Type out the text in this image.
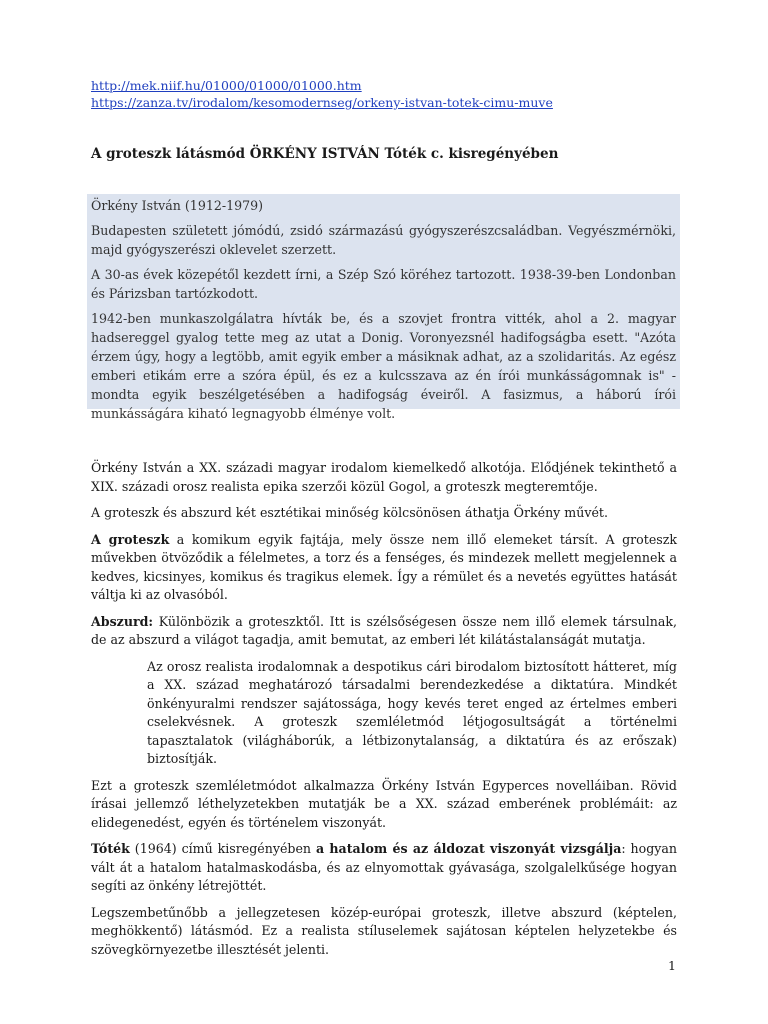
http://mek.niif.hu/01000/01000/01000.htm
https://zanza.tv/irodalom/kesomodernseg/orkeny-istvan-totek-cimu-muve
A groteszk látásmód ÖRKÉNY ISTVÁN Tóték c. kisregényében

Örkény István (1912-1979)

Budapesten született jómódú, zsidó származású gyógyszerészcsaládban. Vegyészmérnöki, majd gyógyszerészi oklevelet szerzett.

A 30-as évek közepétől kezdett írni, a Szép Szó köréhez tartozott. 1938-39-ben Londonban és Párizsban tartózkodott.

1942-ben munkaszolgálatra hívták be, és a szovjet frontra vitték, ahol a 2. magyar hadsereggel gyalog tette meg az utat a Donig. Voronyezsnél hadifogságba esett. "Azóta érzem úgy, hogy a legtöbb, amit egyik ember a másiknak adhat, az a szolidaritás. Az egész emberi etikám erre a szóra épül, és ez a kulcsszava az én írói munkásságomnak is" - mondta egyik beszélgetésében a hadifogság éveiről. A fasizmus, a háború írói munkásságára kiható legnagyobb élménye volt.

Örkény István a XX. századi magyar irodalom kiemelkedő alkotója. Elődjének tekinthető a XIX. századi orosz realista epika szerzői közül Gogol, a groteszk megteremtője.

A groteszk és abszurd két esztétikai minőség kölcsönösen áthatja Örkény művét.

A groteszk a komikum egyik fajtája, mely össze nem illő elemeket társít. A groteszk művekben ötvöződik a félelmetes, a torz és a fenséges, és mindezek mellett megjelennek a kedves, kicsinyes, komikus és tragikus elemek. Így a rémület és a nevetés együttes hatását váltja ki az olvasóból.

Abszurd: Különbözik a groteszktől. Itt is szélsőségesen össze nem illő elemek társulnak, de az abszurd a világot tagadja, amit bemutat, az emberi lét kilátástalanságát mutatja.

Az orosz realista irodalomnak a despotikus cári birodalom biztosított hátteret, míg a XX. század meghatározó társadalmi berendezkedése a diktatúra. Mindkét önkényuralmi rendszer sajátossága, hogy kevés teret enged az értelmes emberi cselekvésnek. A groteszk szemléletmód létjogosultságát a történelmi tapasztalatok (világháborúk, a létbizonytalanság, a diktatúra és az erőszak) biztosítják.

Ezt a groteszk szemléletmódot alkalmazza Örkény István Egyperces novelláiban. Rövid írásai jellemző léthelyzetekben mutatják be a XX. század emberének problémáit: az elidegenedést, egyén és történelem viszonyát.

Tóték (1964) című kisregényében a hatalom és az áldozat viszonyát vizsgálja: hogyan vált át a hatalom hatalmaskodásba, és az elnyomottak gyávasága, szolgalelkűsége hogyan segíti az önkény létrejöttét.

Legszembetűnőbb a jellegzetesen közép-európai groteszk, illetve abszurd (képtelen, meghökkentő) látásmód. Ez a realista stíluselemek sajátosan képtelen helyzetekbe és szövegkörnyezetbe illesztését jelenti.

1
